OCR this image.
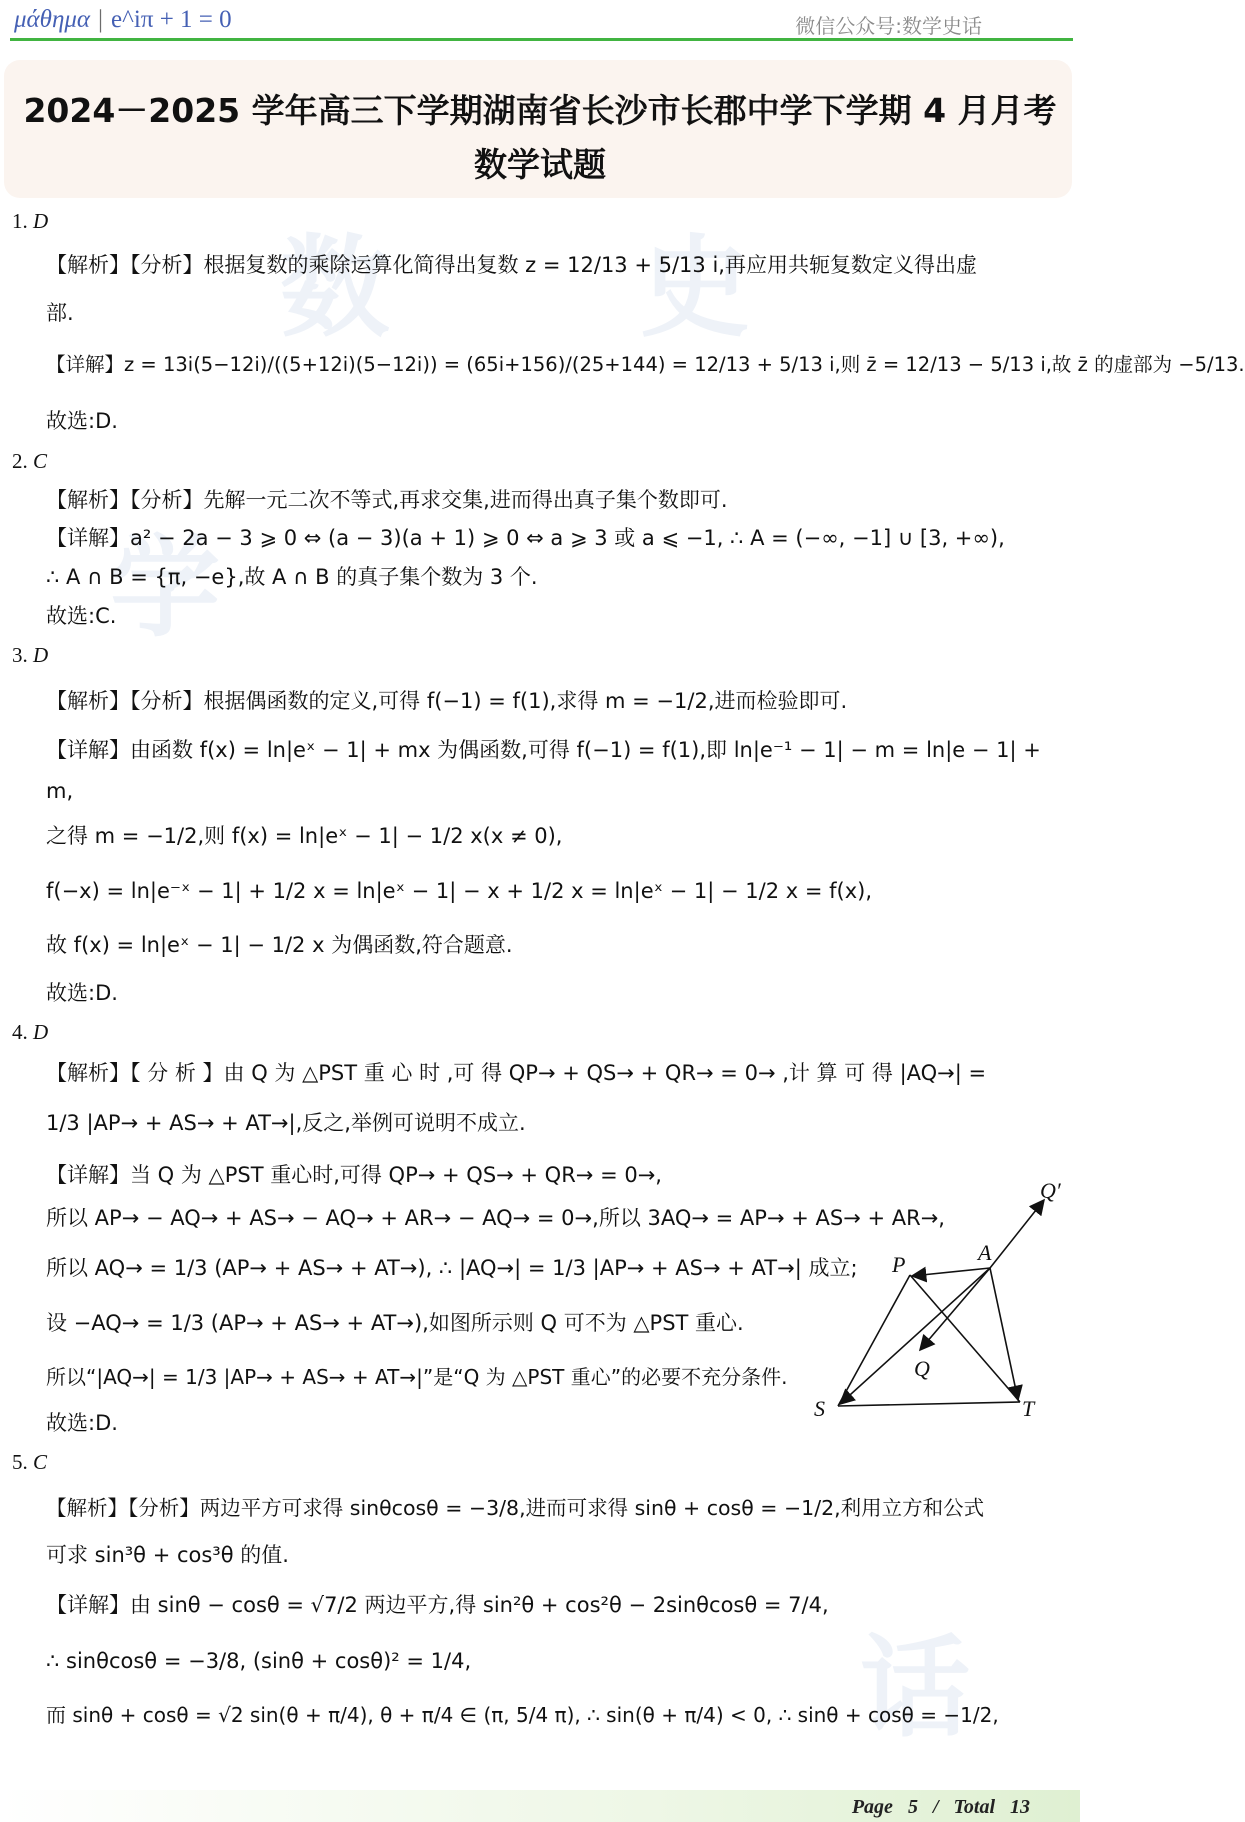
μάθημα | e^iπ + 1 = 0	微信公众号:数学史话
2024－2025 学年高三下学期湖南省长沙市长郡中学下学期 4 月月考数学试题
数 史
学
话
1. D
【解析】【分析】根据复数的乘除运算化简得出复数 z = 12/13 + 5/13 i,再应用共轭复数定义得出虚
部.
【详解】z = 13i(5−12i)/((5+12i)(5−12i)) = (65i+156)/(25+144) = 12/13 + 5/13 i,则 z̄ = 12/13 − 5/13 i,故 z̄ 的虚部为 −5/13.
故选:D.
2. C
【解析】【分析】先解一元二次不等式,再求交集,进而得出真子集个数即可.
【详解】a² − 2a − 3 ⩾ 0 ⇔ (a − 3)(a + 1) ⩾ 0 ⇔ a ⩾ 3 或 a ⩽ −1, ∴ A = (−∞, −1] ∪ [3, +∞),
∴ A ∩ B = {π, −e},故 A ∩ B 的真子集个数为 3 个.
故选:C.
3. D
【解析】【分析】根据偶函数的定义,可得 f(−1) = f(1),求得 m = −1/2,进而检验即可.
【详解】由函数 f(x) = ln|eˣ − 1| + mx 为偶函数,可得 f(−1) = f(1),即 ln|e⁻¹ − 1| − m = ln|e − 1| +
m,
之得 m = −1/2,则 f(x) = ln|eˣ − 1| − 1/2 x(x ≠ 0),
f(−x) = ln|e⁻ˣ − 1| + 1/2 x = ln|eˣ − 1| − x + 1/2 x = ln|eˣ − 1| − 1/2 x = f(x),
故 f(x) = ln|eˣ − 1| − 1/2 x 为偶函数,符合题意.
故选:D.
4. D
【解析】【 分 析 】由 Q 为 △PST 重 心 时 ,可 得 QP→ + QS→ + QR→ = 0→ ,计 算 可 得 |AQ→| =
1/3 |AP→ + AS→ + AT→|,反之,举例可说明不成立.
【详解】当 Q 为 △PST 重心时,可得 QP→ + QS→ + QR→ = 0→,
所以 AP→ − AQ→ + AS→ − AQ→ + AR→ − AQ→ = 0→,所以 3AQ→ = AP→ + AS→ + AR→,
所以 AQ→ = 1/3 (AP→ + AS→ + AT→), ∴ |AQ→| = 1/3 |AP→ + AS→ + AT→| 成立;
设 −AQ→ = 1/3 (AP→ + AS→ + AT→),如图所示则 Q 可不为 △PST 重心.
所以“|AQ→| = 1/3 |AP→ + AS→ + AT→|”是“Q 为 △PST 重心”的必要不充分条件.
故选:D.
Q′
A
P
Q
S	T
5. C
【解析】【分析】两边平方可求得 sinθcosθ = −3/8,进而可求得 sinθ + cosθ = −1/2,利用立方和公式
可求 sin³θ + cos³θ 的值.
【详解】由 sinθ − cosθ = √7/2 两边平方,得 sin²θ + cos²θ − 2sinθcosθ = 7/4,
∴ sinθcosθ = −3/8, (sinθ + cosθ)² = 1/4,
而 sinθ + cosθ = √2 sin(θ + π/4), θ + π/4 ∈ (π, 5/4 π), ∴ sin(θ + π/4) < 0, ∴ sinθ + cosθ = −1/2,
Page 5 / Total 13
